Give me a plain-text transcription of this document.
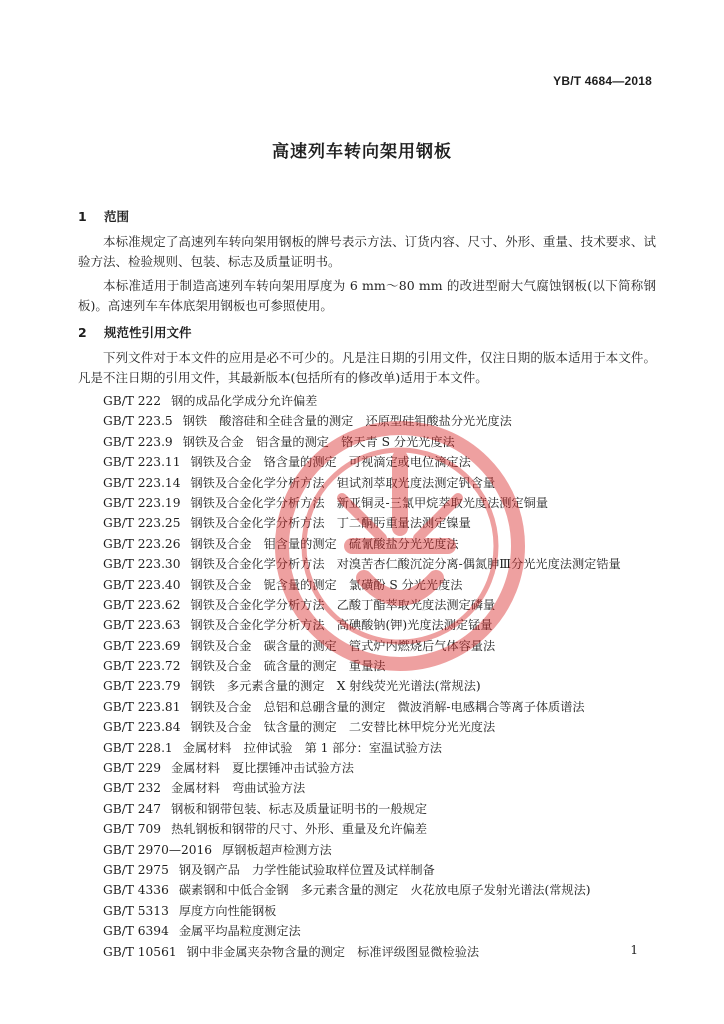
YB/T 4684—2018
高速列车转向架用钢板
1 范围
本标准规定了高速列车转向架用钢板的牌号表示方法、订货内容、尺寸、外形、重量、技术要求、试验方法、检验规则、包装、标志及质量证明书。
本标准适用于制造高速列车转向架用厚度为 6 mm～80 mm 的改进型耐大气腐蚀钢板(以下简称钢板)。高速列车车体底架用钢板也可参照使用。
2 规范性引用文件
下列文件对于本文件的应用是必不可少的。凡是注日期的引用文件，仅注日期的版本适用于本文件。凡是不注日期的引用文件，其最新版本(包括所有的修改单)适用于本文件。
GB/T 222 钢的成品化学成分允许偏差
GB/T 223.5 钢铁　酸溶硅和全硅含量的测定　还原型硅钼酸盐分光光度法
GB/T 223.9 钢铁及合金　铝含量的测定　铬天青 S 分光光度法
GB/T 223.11 钢铁及合金　铬含量的测定　可视滴定或电位滴定法
GB/T 223.14 钢铁及合金化学分析方法　钽试剂萃取光度法测定钒含量
GB/T 223.19 钢铁及合金化学分析方法　新亚铜灵-三氯甲烷萃取光度法测定铜量
GB/T 223.25 钢铁及合金化学分析方法　丁二酮肟重量法测定镍量
GB/T 223.26 钢铁及合金　钼含量的测定　硫氰酸盐分光光度法
GB/T 223.30 钢铁及合金化学分析方法　对溴苦杏仁酸沉淀分离-偶氮胂Ⅲ分光光度法测定锆量
GB/T 223.40 钢铁及合金　铌含量的测定　氯磺酚 S 分光光度法
GB/T 223.62 钢铁及合金化学分析方法　乙酸丁酯萃取光度法测定磷量
GB/T 223.63 钢铁及合金化学分析方法　高碘酸钠(钾)光度法测定锰量
GB/T 223.69 钢铁及合金　碳含量的测定　管式炉内燃烧后气体容量法
GB/T 223.72 钢铁及合金　硫含量的测定　重量法
GB/T 223.79 钢铁　多元素含量的测定　X 射线荧光光谱法(常规法)
GB/T 223.81 钢铁及合金　总铝和总硼含量的测定　微波消解-电感耦合等离子体质谱法
GB/T 223.84 钢铁及合金　钛含量的测定　二安替比林甲烷分光光度法
GB/T 228.1 金属材料　拉伸试验　第 1 部分：室温试验方法
GB/T 229 金属材料　夏比摆锤冲击试验方法
GB/T 232 金属材料　弯曲试验方法
GB/T 247 钢板和钢带包装、标志及质量证明书的一般规定
GB/T 709 热轧钢板和钢带的尺寸、外形、重量及允许偏差
GB/T 2970—2016 厚钢板超声检测方法
GB/T 2975 钢及钢产品　力学性能试验取样位置及试样制备
GB/T 4336 碳素钢和中低合金钢　多元素含量的测定　火花放电原子发射光谱法(常规法)
GB/T 5313 厚度方向性能钢板
GB/T 6394 金属平均晶粒度测定法
GB/T 10561 钢中非金属夹杂物含量的测定　标准评级图显微检验法	1
